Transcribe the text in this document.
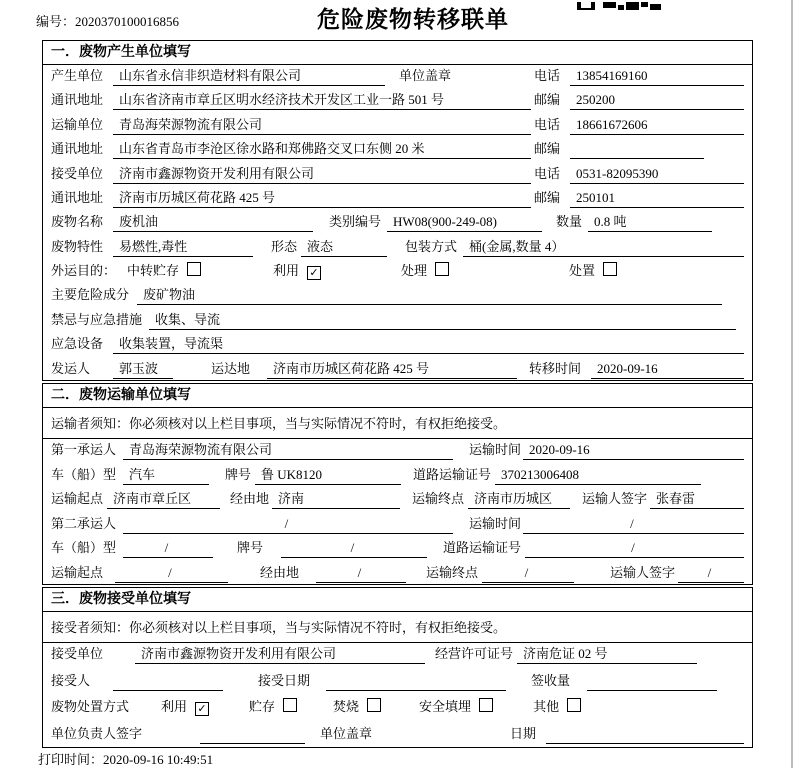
编号：2020370100016856	危险废物转移联单
一．废物产生单位填写
产生单位	山东省永信非织造材料有限公司	单位盖章	电话	13854169160
通讯地址	山东省济南市章丘区明水经济技术开发区工业一路 501 号	邮编	250200
运输单位	青岛海荣源物流有限公司	电话	18661672606
通讯地址	山东省青岛市李沧区徐水路和郑佛路交叉口东侧 20 米	邮编
接受单位	济南市鑫源物资开发利用有限公司	电话	0531-82095390
通讯地址	济南市历城区荷花路 425 号	邮编	250101
废物名称	废机油	类别编号 HW08(900-249-08)	数量 0.8 吨
废物特性	易燃性,毒性	形态 液态	包装方式 桶(金属,数量 4）
外运目的： 中转贮存	利用 ✓	处理	处置
主要危险成分	废矿物油
禁忌与应急措施 收集、导流
应急设备	收集装置，导流渠
发运人	郭玉波	运达地	济南市历城区荷花路 425 号	转移时间	2020-09-16
二．废物运输单位填写
运输者须知：你必须核对以上栏目事项，当与实际情况不符时，有权拒绝接受。
第一承运人 青岛海荣源物流有限公司	运输时间 2020-09-16
车（船）型 汽车	牌号 鲁 UK8120	道路运输证号 370213006408
运输起点 济南市章丘区	经由地 济南	运输终点 济南市历城区	运输人签字 张春雷
第二承运人	/	运输时间	/
车（船）型	/	牌号	/	道路运输证号	/
运输起点	/	经由地	/	运输终点	/	运输人签字	/
三．废物接受单位填写
接受者须知：你必须核对以上栏目事项，当与实际情况不符时，有权拒绝接受。
接受单位	济南市鑫源物资开发利用有限公司	经营许可证号 济南危证 02 号
接受人	接受日期	签收量
废物处置方式	利用 ✓	贮存	焚烧	安全填埋	其他
单位负责人签字	单位盖章	日期
打印时间：2020-09-16 10:49:51
